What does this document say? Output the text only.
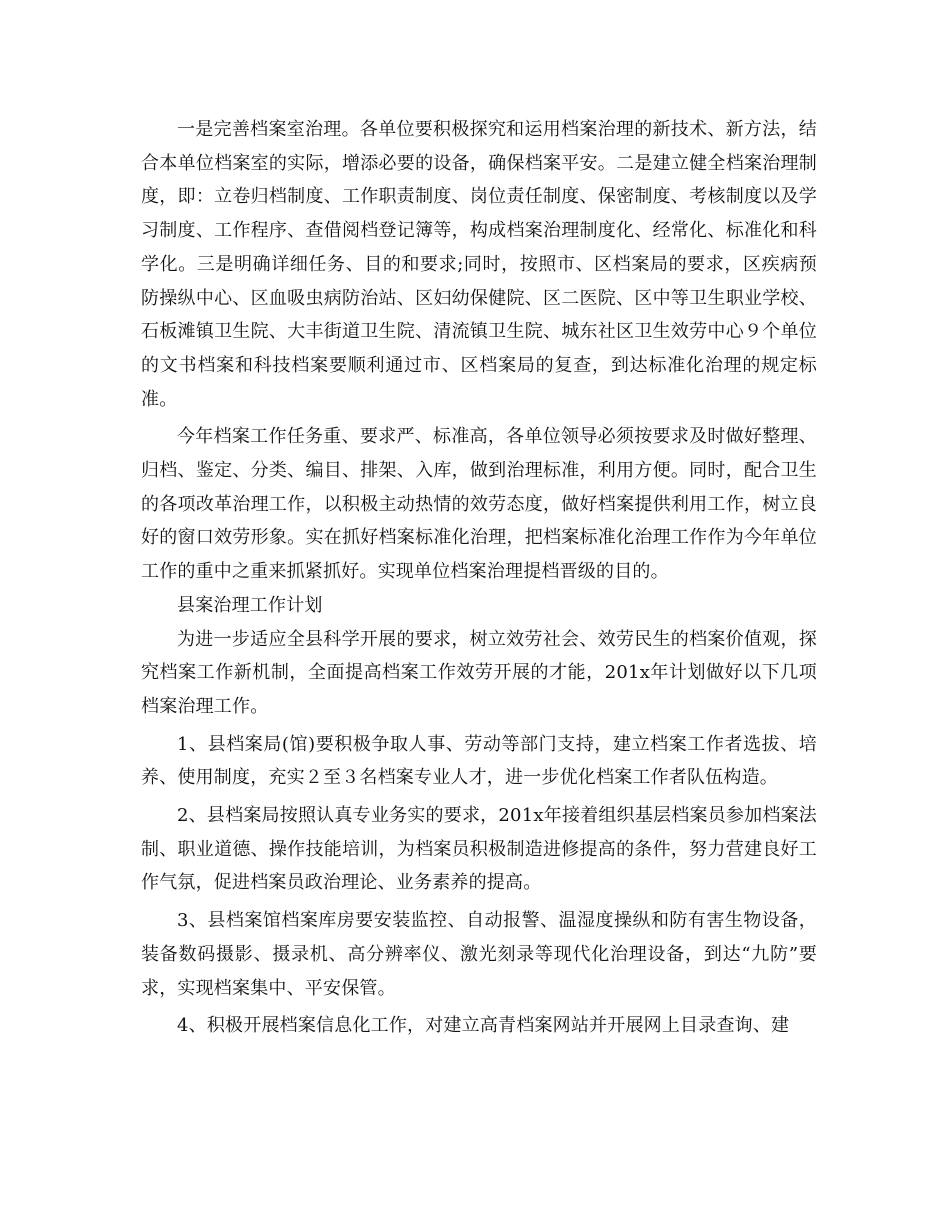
一是完善档案室治理。各单位要积极探究和运用档案治理的新技术、新方法，结合本单位档案室的实际，增添必要的设备，确保档案平安。二是建立健全档案治理制度，即：立卷归档制度、工作职责制度、岗位责任制度、保密制度、考核制度以及学习制度、工作程序、查借阅档登记簿等，构成档案治理制度化、经常化、标准化和科学化。三是明确详细任务、目的和要求;同时，按照市、区档案局的要求，区疾病预防操纵中心、区血吸虫病防治站、区妇幼保健院、区二医院、区中等卫生职业学校、石板滩镇卫生院、大丰街道卫生院、清流镇卫生院、城东社区卫生效劳中心９个单位的文书档案和科技档案要顺利通过市、区档案局的复查，到达标准化治理的规定标准。

今年档案工作任务重、要求严、标准高，各单位领导必须按要求及时做好整理、归档、鉴定、分类、编目、排架、入库，做到治理标准，利用方便。同时，配合卫生的各项改革治理工作，以积极主动热情的效劳态度，做好档案提供利用工作，树立良好的窗口效劳形象。实在抓好档案标准化治理，把档案标准化治理工作作为今年单位工作的重中之重来抓紧抓好。实现单位档案治理提档晋级的目的。

县案治理工作计划

为进一步适应全县科学开展的要求，树立效劳社会、效劳民生的档案价值观，探究档案工作新机制，全面提高档案工作效劳开展的才能，201x年计划做好以下几项档案治理工作。

1、县档案局(馆)要积极争取人事、劳动等部门支持，建立档案工作者选拔、培养、使用制度，充实２至３名档案专业人才，进一步优化档案工作者队伍构造。

2、县档案局按照认真专业务实的要求，201x年接着组织基层档案员参加档案法制、职业道德、操作技能培训，为档案员积极制造进修提高的条件，努力营建良好工作气氛，促进档案员政治理论、业务素养的提高。

3、县档案馆档案库房要安装监控、自动报警、温湿度操纵和防有害生物设备，装备数码摄影、摄录机、高分辨率仪、激光刻录等现代化治理设备，到达“九防”要求，实现档案集中、平安保管。

4、积极开展档案信息化工作，对建立高青档案网站并开展网上目录查询、建
